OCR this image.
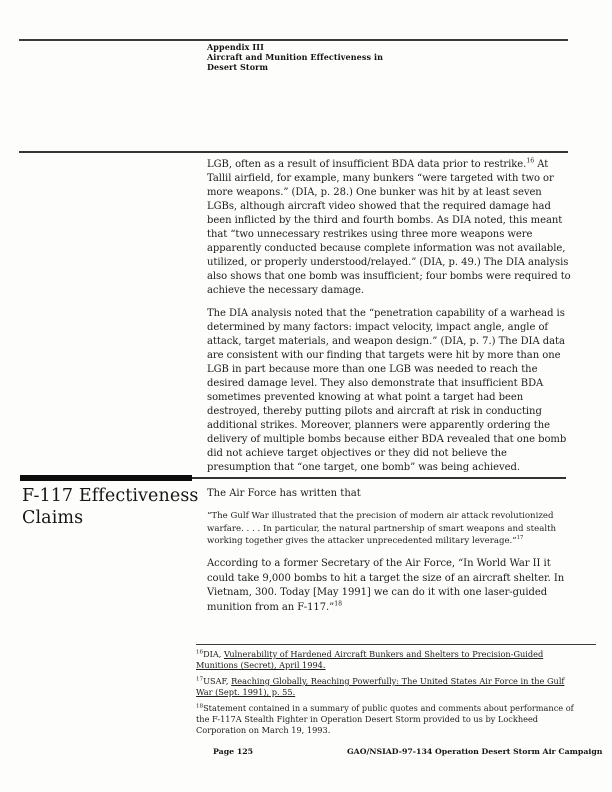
Appendix III
Aircraft and Munition Effectiveness in
Desert Storm

LGB, often as a result of insufficient BDA data prior to restrike.$^{16}$ At Tallil airfield, for example, many bunkers “were targeted with two or more weapons.” (DIA, p. 28.) One bunker was hit by at least seven LGBs, although aircraft video showed that the required damage had been inflicted by the third and fourth bombs. As DIA noted, this meant that “two unnecessary restrikes using three more weapons were apparently conducted because complete information was not available, utilized, or properly understood/relayed.” (DIA, p. 49.) The DIA analysis also shows that one bomb was insufficient; four bombs were required to achieve the necessary damage.

The DIA analysis noted that the “penetration capability of a warhead is determined by many factors: impact velocity, impact angle, angle of attack, target materials, and weapon design.” (DIA, p. 7.) The DIA data are consistent with our finding that targets were hit by more than one LGB in part because more than one LGB was needed to reach the desired damage level. They also demonstrate that insufficient BDA sometimes prevented knowing at what point a target had been destroyed, thereby putting pilots and aircraft at risk in conducting additional strikes. Moreover, planners were apparently ordering the delivery of multiple bombs because either BDA revealed that one bomb did not achieve target objectives or they did not believe the presumption that “one target, one bomb” was being achieved.

F-117 Effectiveness
Claims

The Air Force has written that

“The Gulf War illustrated that the precision of modern air attack revolutionized warfare. . . . In particular, the natural partnership of smart weapons and stealth working together gives the attacker unprecedented military leverage.”$^{17}$

According to a former Secretary of the Air Force, “In World War II it could take 9,000 bombs to hit a target the size of an aircraft shelter. In Vietnam, 300. Today [May 1991] we can do it with one laser-guided munition from an F-117.”$^{18}$

$^{16}$DIA, Vulnerability of Hardened Aircraft Bunkers and Shelters to Precision-Guided Munitions (Secret), April 1994.

$^{17}$USAF, Reaching Globally, Reaching Powerfully: The United States Air Force in the Gulf War (Sept. 1991), p. 55.

$^{18}$Statement contained in a summary of public quotes and comments about performance of the F-117A Stealth Fighter in Operation Desert Storm provided to us by Lockheed Corporation on March 19, 1993.

Page 125	GAO/NSIAD-97-134 Operation Desert Storm Air Campaign
